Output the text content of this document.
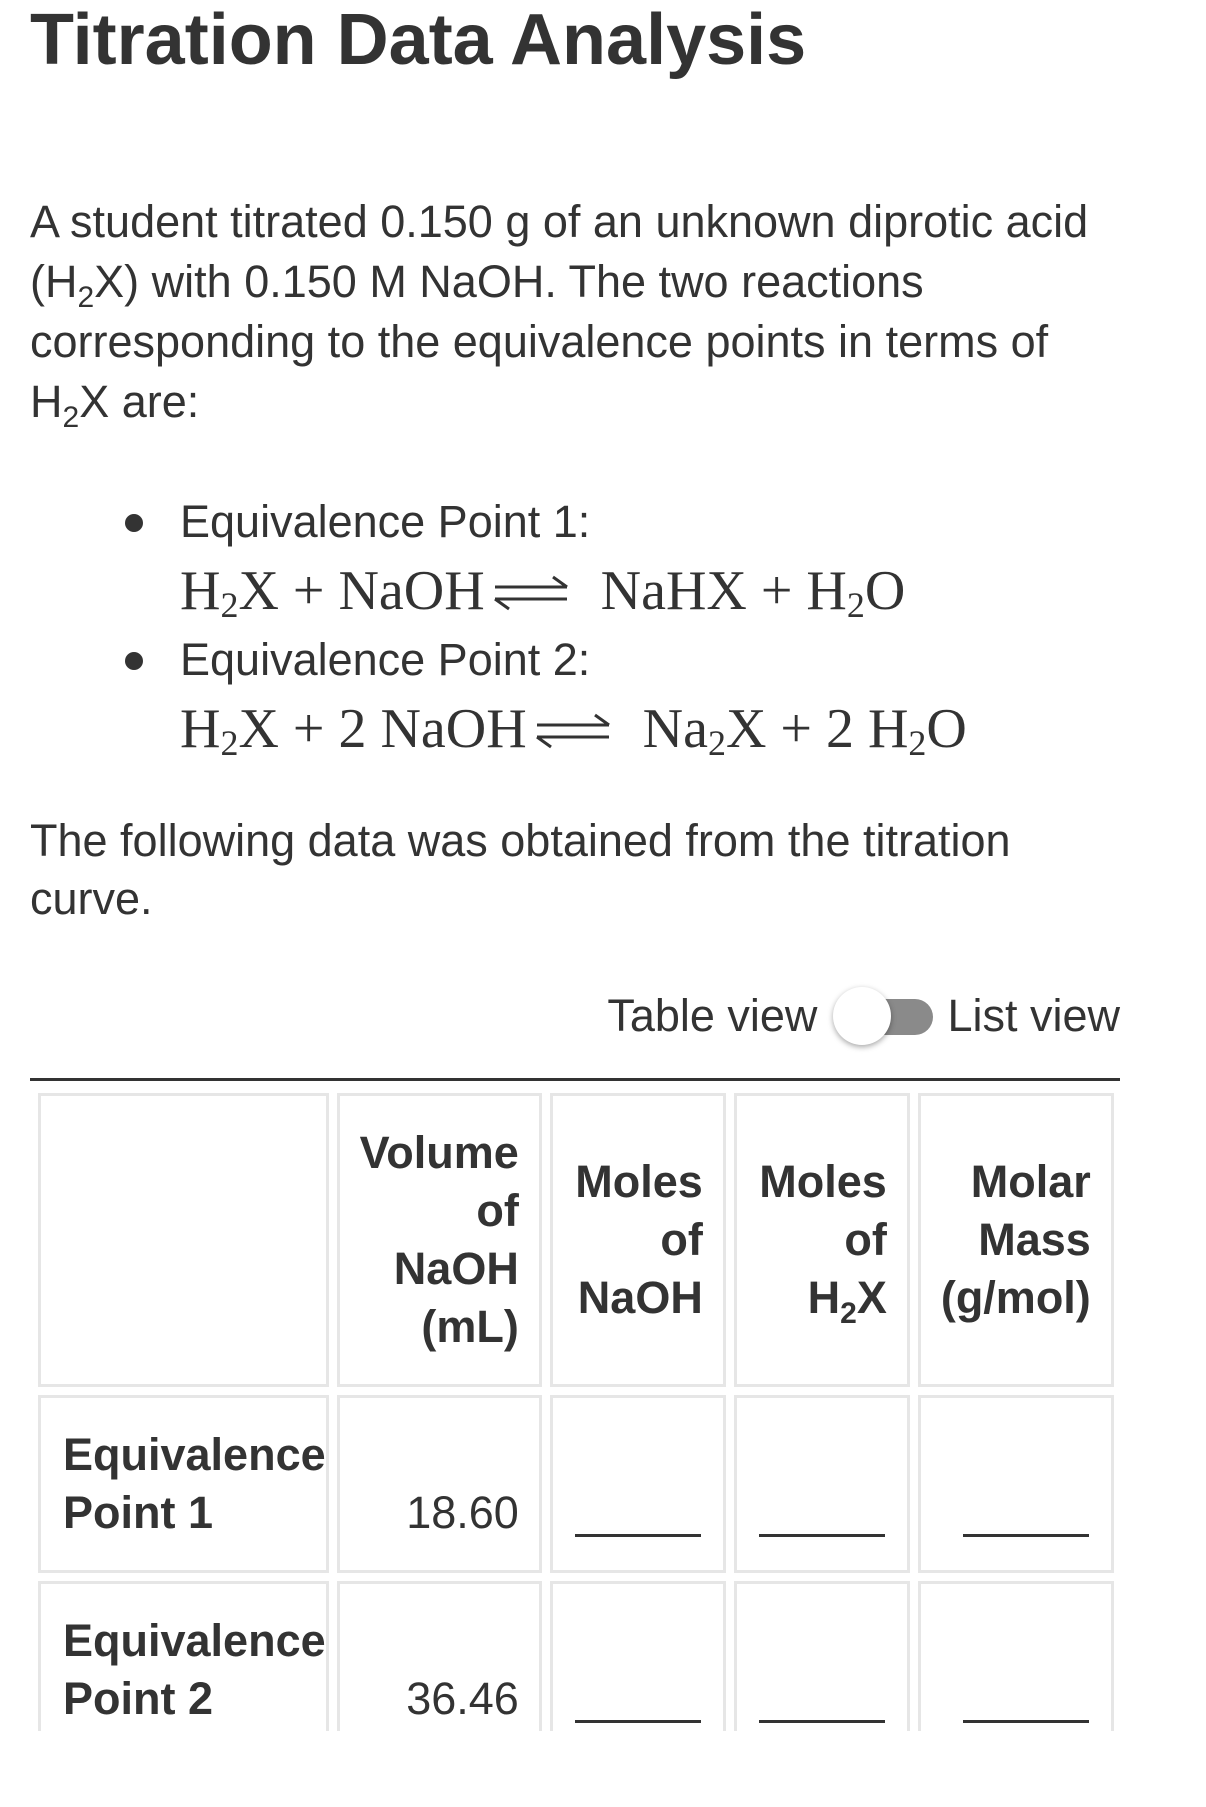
Titration Data Analysis
A student titrated 0.150 g of an unknown diprotic acid $(H_2X)$ with 0.150 M NaOH. The two reactions corresponding to the equivalence points in terms of $H_2X$ are:
Equivalence Point 1:
$H_2X$ + NaOH ⇌ NaHX + $H_2O$
Equivalence Point 2:
$H_2X + 2$ NaOH ⇌ $Na_2X + 2$ $H_2O$
The following data was obtained from the titration curve.
Table view	List view

	Volume
of
NaOH
(mL)	Moles
of
NaOH	Moles
of $H_2X$	Molar
Mass
(g/mol)

Equivalence
Point 1	18.60			

Equivalence
Point 2	36.46			
